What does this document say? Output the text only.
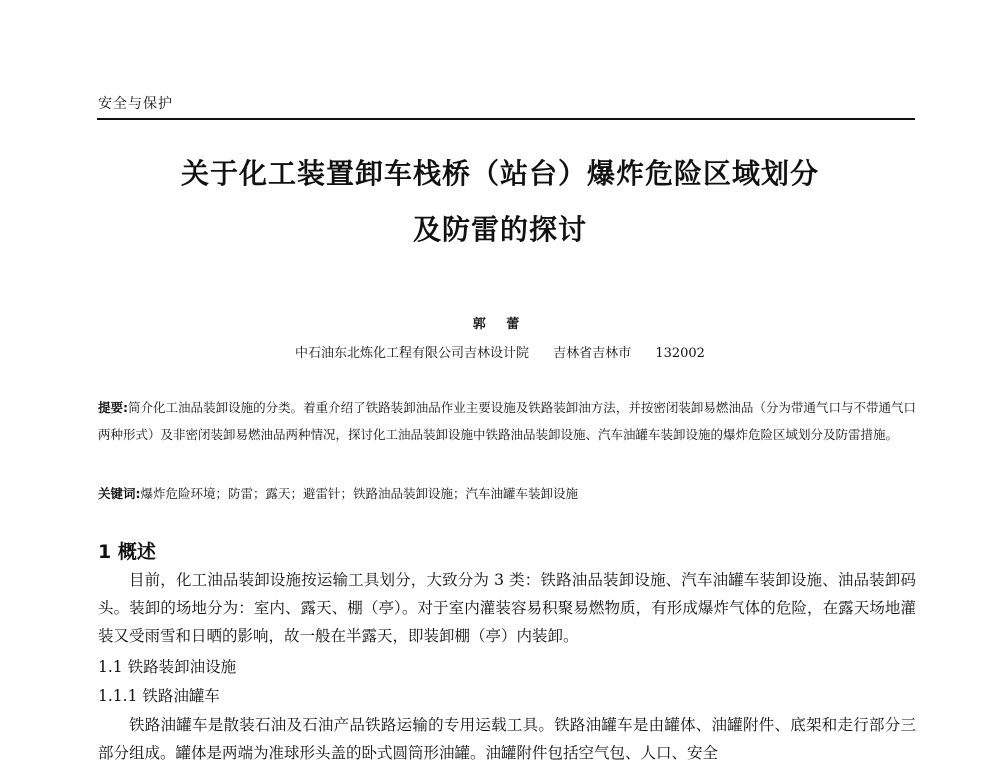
安全与保护
关于化工装置卸车栈桥（站台）爆炸危险区域划分
及防雷的探讨
郭 蕾
中石油东北炼化工程有限公司吉林设计院 吉林省吉林市 132002
提要:简介化工油品装卸设施的分类。着重介绍了铁路装卸油品作业主要设施及铁路装卸油方法，并按密闭装卸易燃油品（分为带通气口与不带通气口两种形式）及非密闭装卸易燃油品两种情况，探讨化工油品装卸设施中铁路油品装卸设施、汽车油罐车装卸设施的爆炸危险区域划分及防雷措施。
关键词:爆炸危险环境；防雷；露天；避雷针；铁路油品装卸设施；汽车油罐车装卸设施
1 概述
目前，化工油品装卸设施按运输工具划分，大致分为 3 类：铁路油品装卸设施、汽车油罐车装卸设施、油品装卸码头。装卸的场地分为：室内、露天、棚（亭）。对于室内灌装容易积聚易燃物质，有形成爆炸气体的危险，在露天场地灌装又受雨雪和日晒的影响，故一般在半露天，即装卸棚（亭）内装卸。
1.1 铁路装卸油设施
1.1.1 铁路油罐车
铁路油罐车是散装石油及石油产品铁路运输的专用运载工具。铁路油罐车是由罐体、油罐附件、底架和走行部分三部分组成。罐体是两端为准球形头盖的卧式圆筒形油罐。油罐附件包括空气包、人口、安全
